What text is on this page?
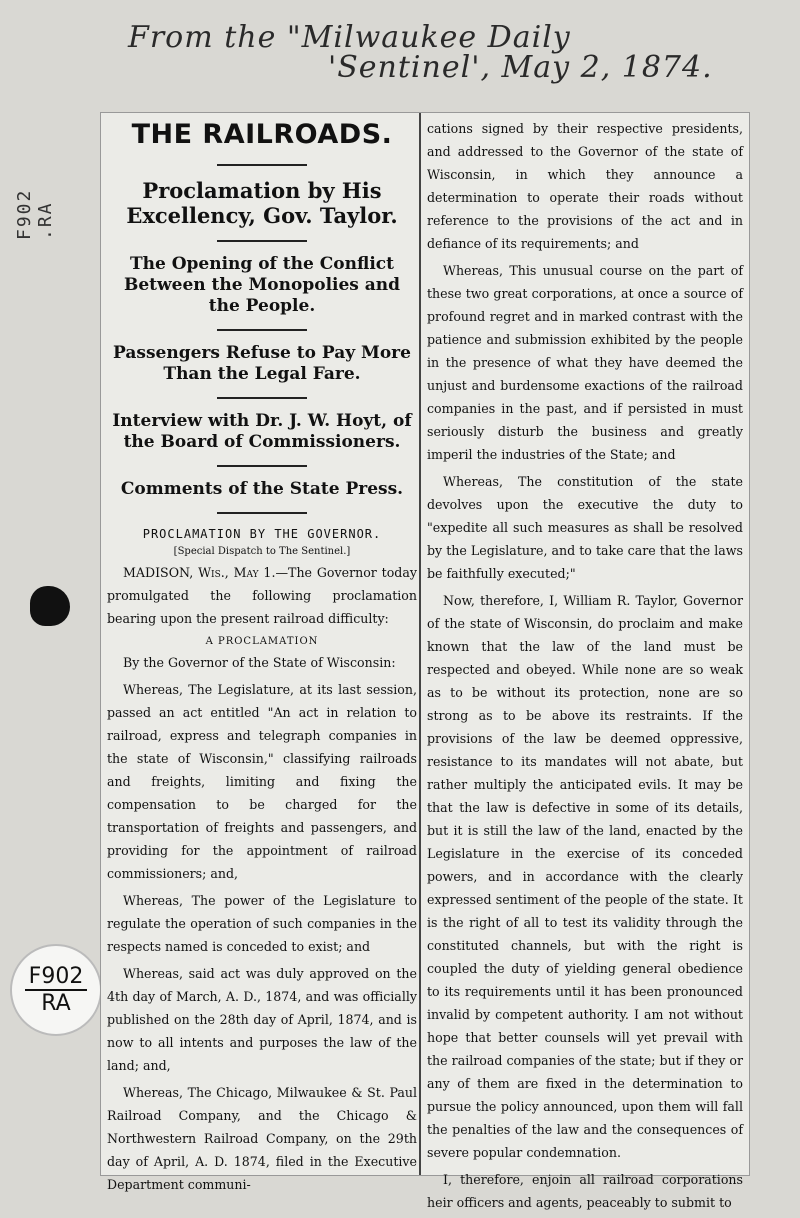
From the "Milwaukee Daily
'Sentinel', May 2, 1874.
F902 .RA
F902
RA
THE RAILROADS.
Proclamation by His Excellency, Gov. Taylor.
The Opening of the Conflict Between the Monopolies and the People.
Passengers Refuse to Pay More Than the Legal Fare.
Interview with Dr. J. W. Hoyt, of the Board of Commissioners.
Comments of the State Press.
PROCLAMATION BY THE GOVERNOR.
[Special Dispatch to The Sentinel.]

MADISON, Wis., May 1.—The Governor today promulgated the following proclamation bearing upon the present railroad difficulty:

A PROCLAMATION

By the Governor of the State of Wisconsin:

Whereas, The Legislature, at its last session, passed an act entitled "An act in relation to railroad, express and telegraph companies in the state of Wisconsin," classifying railroads and freights, limiting and fixing the compensation to be charged for the transportation of freights and passengers, and providing for the appointment of railroad commissioners; and,

Whereas, The power of the Legislature to regulate the operation of such companies in the respects named is conceded to exist; and

Whereas, said act was duly approved on the 4th day of March, A. D., 1874, and was officially published on the 28th day of April, 1874, and is now to all intents and purposes the law of the land; and,

Whereas, The Chicago, Milwaukee & St. Paul Railroad Company, and the Chicago & Northwestern Railroad Company, on the 29th day of April, A. D. 1874, filed in the Executive Department communi-

cations signed by their respective presidents, and addressed to the Governor of the state of Wisconsin, in which they announce a determination to operate their roads without reference to the provisions of the act and in defiance of its requirements; and

Whereas, This unusual course on the part of these two great corporations, at once a source of profound regret and in marked contrast with the patience and submission exhibited by the people in the presence of what they have deemed the unjust and burdensome exactions of the railroad companies in the past, and if persisted in must seriously disturb the business and greatly imperil the industries of the State; and

Whereas, The constitution of the state devolves upon the executive the duty to "expedite all such measures as shall be resolved by the Legislature, and to take care that the laws be faithfully executed;"

Now, therefore, I, William R. Taylor, Governor of the state of Wisconsin, do proclaim and make known that the law of the land must be respected and obeyed. While none are so weak as to be without its protection, none are so strong as to be above its restraints. If the provisions of the law be deemed oppressive, resistance to its mandates will not abate, but rather multiply the anticipated evils. It may be that the law is defective in some of its details, but it is still the law of the land, enacted by the Legislature in the exercise of its conceded powers, and in accordance with the clearly expressed sentiment of the people of the state. It is the right of all to test its validity through the constituted channels, but with the right is coupled the duty of yielding general obedience to its requirements until it has been pronounced invalid by competent authority. I am not without hope that better counsels will yet prevail with the railroad companies of the state; but if they or any of them are fixed in the determination to pursue the policy announced, upon them will fall the penalties of the law and the consequences of severe popular condemnation.

I, therefore, enjoin all railroad corporations heir officers and agents, peaceably to submit to
